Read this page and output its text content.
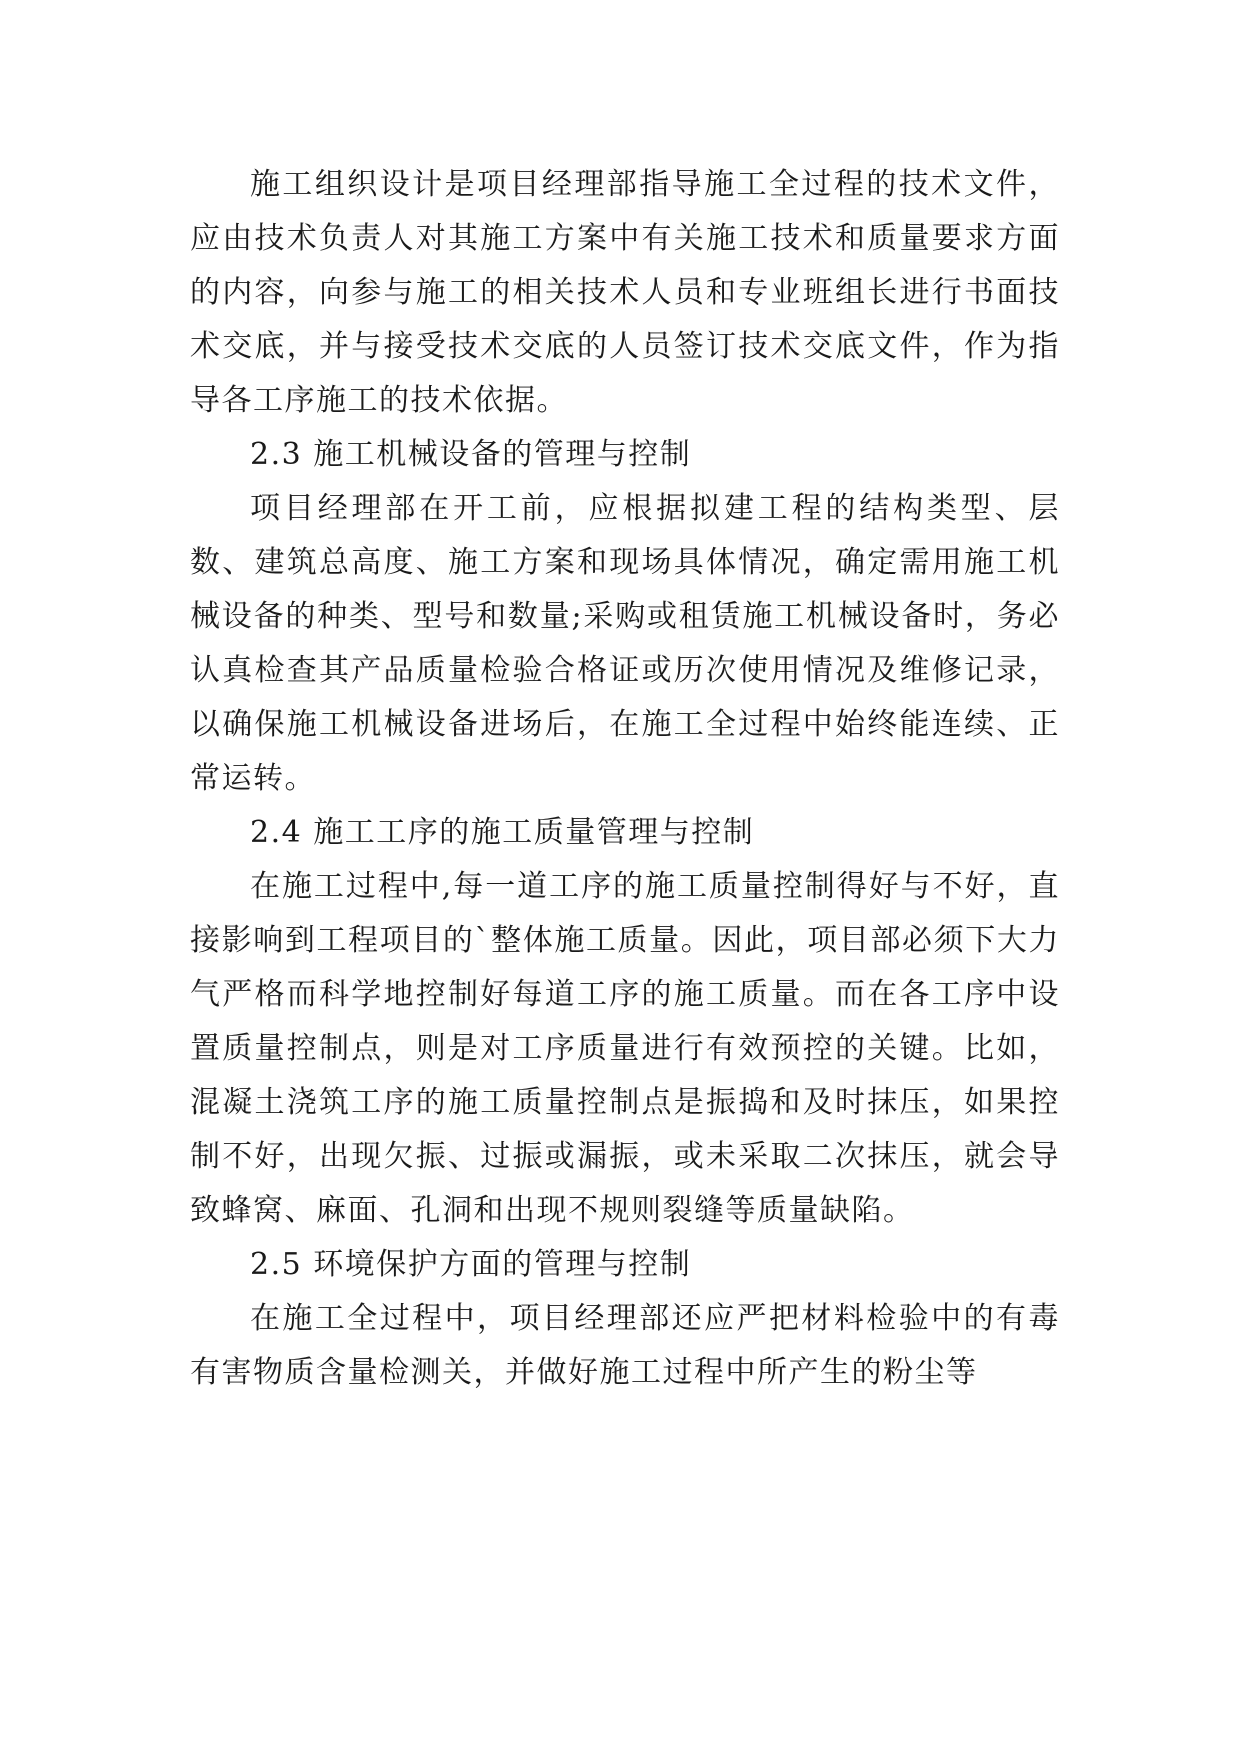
施工组织设计是项目经理部指导施工全过程的技术文件，应由技术负责人对其施工方案中有关施工技术和质量要求方面的内容，向参与施工的相关技术人员和专业班组长进行书面技术交底，并与接受技术交底的人员签订技术交底文件，作为指导各工序施工的技术依据。

2.3 施工机械设备的管理与控制

项目经理部在开工前，应根据拟建工程的结构类型、层数、建筑总高度、施工方案和现场具体情况，确定需用施工机械设备的种类、型号和数量;采购或租赁施工机械设备时，务必认真检查其产品质量检验合格证或历次使用情况及维修记录，以确保施工机械设备进场后，在施工全过程中始终能连续、正常运转。

2.4 施工工序的施工质量管理与控制

在施工过程中,每一道工序的施工质量控制得好与不好，直接影响到工程项目的`整体施工质量。因此，项目部必须下大力气严格而科学地控制好每道工序的施工质量。而在各工序中设置质量控制点，则是对工序质量进行有效预控的关键。比如，混凝土浇筑工序的施工质量控制点是振捣和及时抹压，如果控制不好，出现欠振、过振或漏振，或未采取二次抹压，就会导致蜂窝、麻面、孔洞和出现不规则裂缝等质量缺陷。

2.5 环境保护方面的管理与控制

在施工全过程中，项目经理部还应严把材料检验中的有毒有害物质含量检测关，并做好施工过程中所产生的粉尘等
